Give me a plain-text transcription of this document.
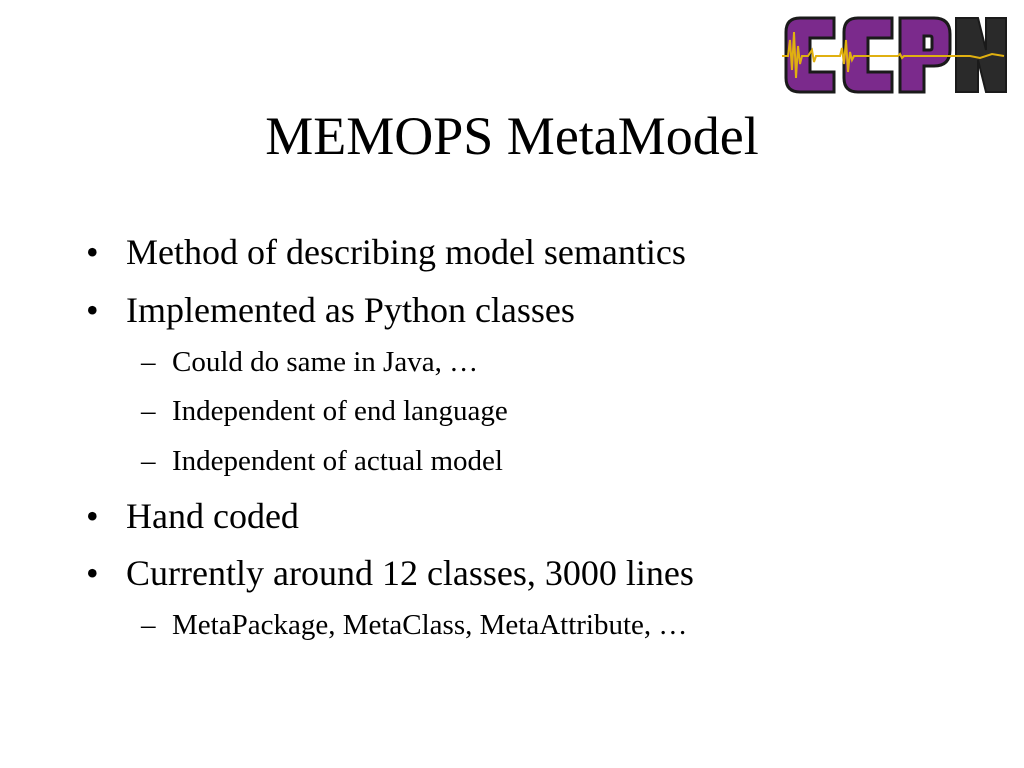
MEMOPS MetaModel
• Method of describing model semantics
• Implemented as Python classes
– Could do same in Java, …
– Independent of end language
– Independent of actual model
• Hand coded
• Currently around 12 classes, 3000 lines
– MetaPackage, MetaClass, MetaAttribute, …
